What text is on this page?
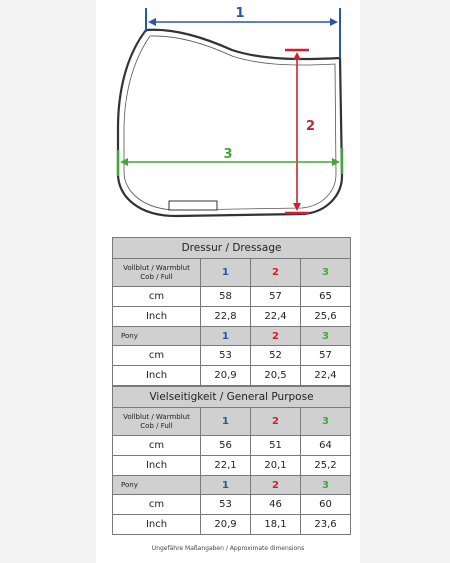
1
2
3
Dressur / Dressage			

Vollblut / Warmblut
Cob / Full	1	2	3
cm	58	57	65
Inch	22,8	22,4	25,6

Pony	1	2	3
cm	53	52	57
Inch	20,9	20,5	22,4
Vielseitigkeit / General Purpose			

Vollblut / Warmblut
Cob / Full	1	2	3
cm	56	51	64
Inch	22,1	20,1	25,2

Pony	1	2	3
cm	53	46	60
Inch	20,9	18,1	23,6
Ungefähre Maßangaben / Approximate dimensions
